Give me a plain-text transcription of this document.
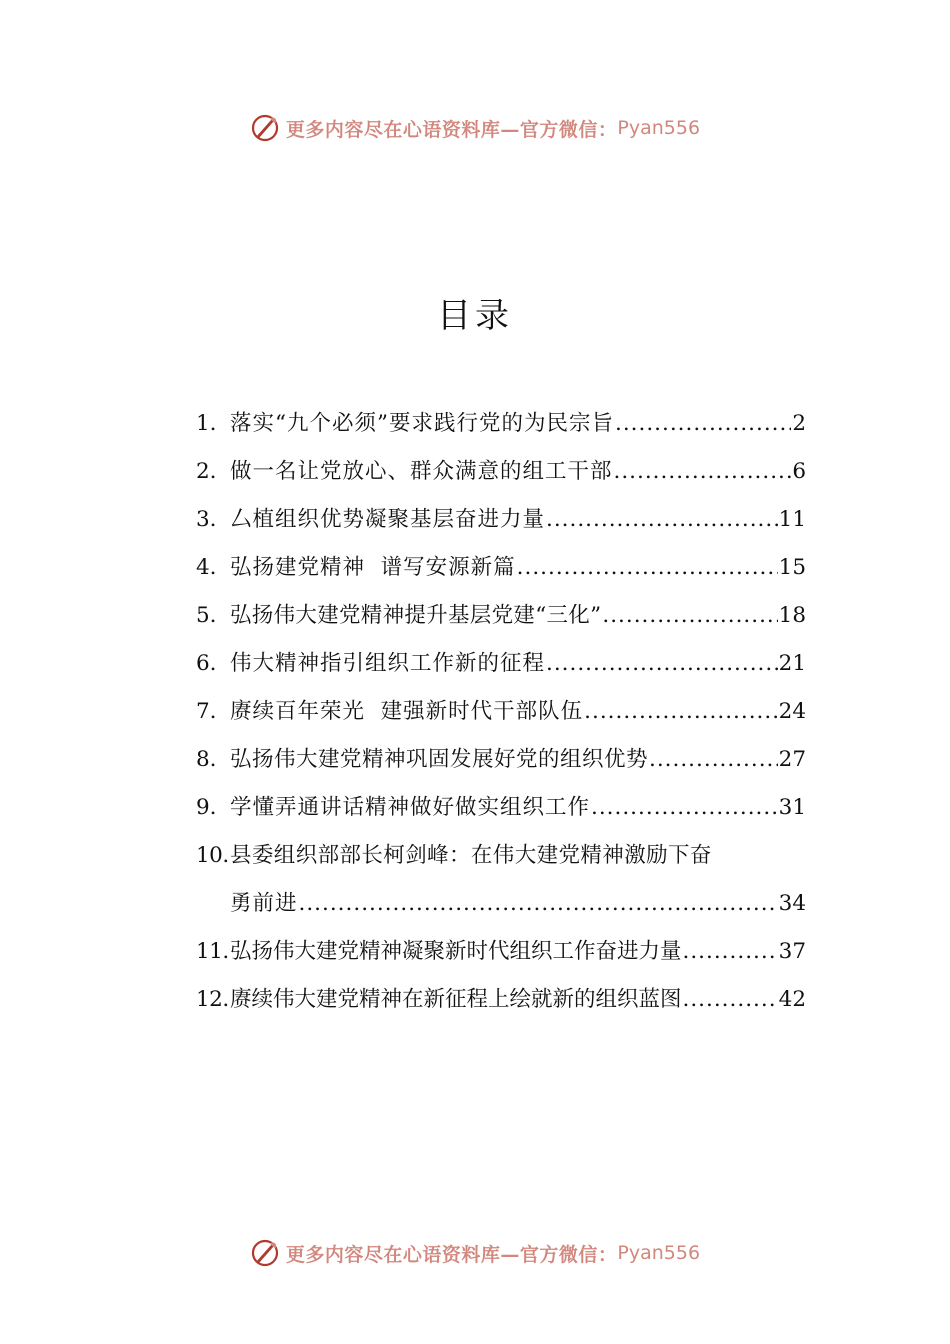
更多内容尽在心语资料库—官方微信： Pyan556
目录
1. 落实“九个必须”要求践行党的为民宗旨 .....	2
2. 做一名让党放心、群众满意的组工干部 .....	6
3. 厶植组织优势凝聚基层奋进力量 .....	11
4. 弘扬建党精神  谱写安源新篇 .....	15
5. 弘扬伟大建党精神提升基层党建“三化” .....	18
6. 伟大精神指引组织工作新的征程 .....	21
7. 赓续百年荣光  建强新时代干部队伍 .....	24
8. 弘扬伟大建党精神巩固发展好党的组织优势 .....	27
9. 学懂弄通讲话精神做好做实组织工作 .....	31
10. 县委组织部部长柯剑峰：在伟大建党精神激励下奋
勇前进 .....	34
11. 弘扬伟大建党精神凝聚新时代组织工作奋进力量 .....	37
12. 赓续伟大建党精神在新征程上绘就新的组织蓝图 .....	42
更多内容尽在心语资料库—官方微信： Pyan556
